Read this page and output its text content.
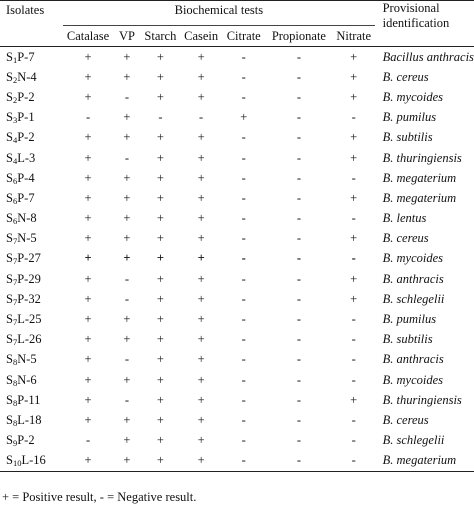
Isolates	Biochemical tests							Provisional
identification
	Catalase	VP	Starch	Casein	Citrate	Propionate	Nitrate	
$S_1P-7$	+	+	+	+	-	-	+	Bacillus anthracis
$S_2N-4$	+	+	+	+	-	-	+	B. cereus
$S_2P-2$	+	-	+	+	-	-	+	B. mycoides
$S_3P-1$	-	+	-	-	+	-	-	B. pumilus
$S_4P-2$	+	+	+	+	-	-	+	B. subtilis
$S_4L-3$	+	-	+	+	-	-	+	B. thuringiensis
$S_6P-4$	+	+	+	+	-	-	-	B. megaterium
$S_6P-7$	+	+	+	+	-	-	+	B. megaterium
$S_6N-8$	+	+	+	+	-	-	-	B. lentus
$S_7N-5$	+	+	+	+	-	-	+	B. cereus
$S_7P-27$	+	+	+	+	-	-	-	B. mycoides
$S_7P-29$	+	-	+	+	-	-	+	B. anthracis
$S_7P-32$	+	-	+	+	-	-	+	B. schlegelii
$S_7L-25$	+	+	+	+	-	-	-	B. pumilus
$S_7L-26$	+	+	+	+	-	-	-	B. subtilis
$S_8N-5$	+	-	+	+	-	-	-	B. anthracis
$S_8N-6$	+	+	+	+	-	-	-	B. mycoides
$S_8P-11$	+	-	+	+	-	-	+	B. thuringiensis
$S_8L-18$	+	+	+	+	-	-	-	B. cereus
$S_9P-2$	-	+	+	+	-	-	-	B. schlegelii
$S_{10}L-16$	+	+	+	+	-	-	-	B. megaterium
+ = Positive result, - = Negative result.
